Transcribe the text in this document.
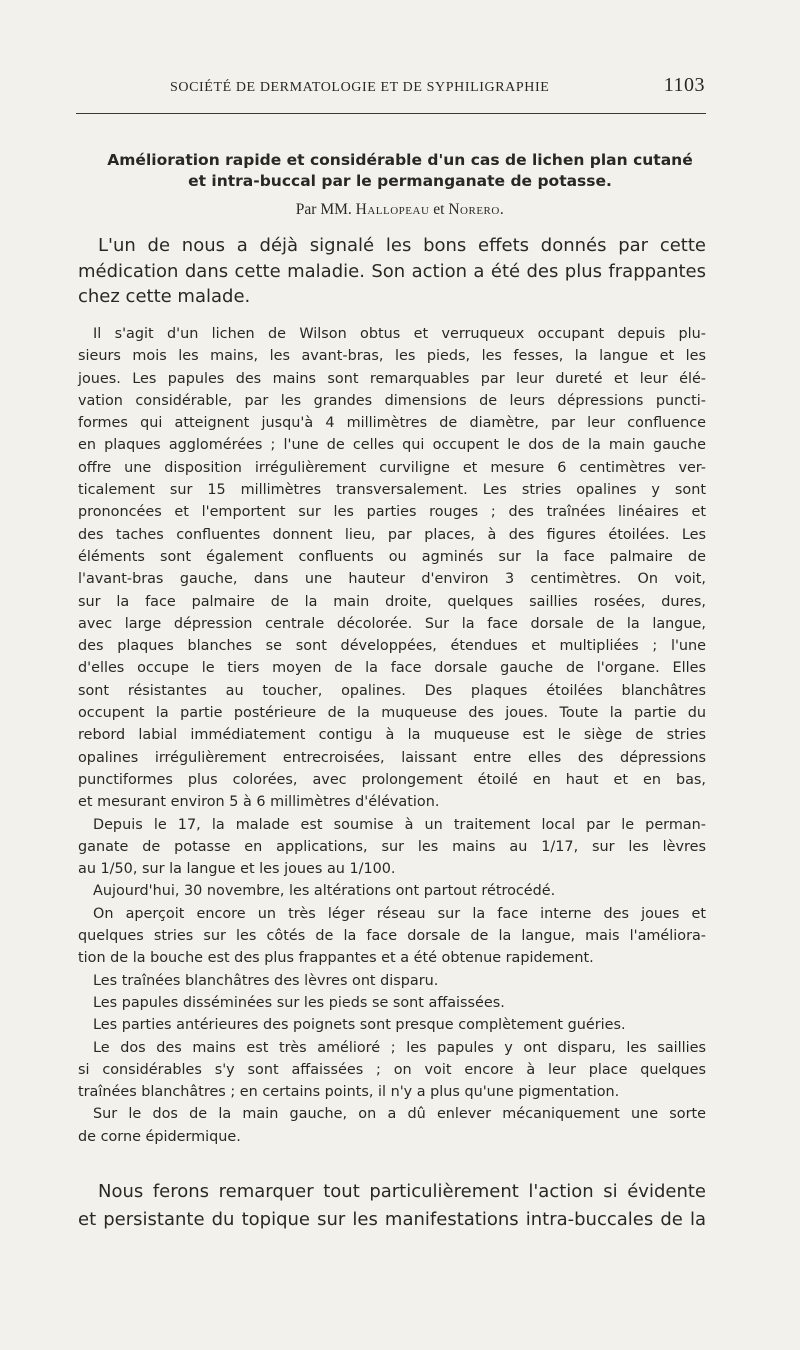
SOCIÉTÉ DE DERMATOLOGIE ET DE SYPHILIGRAPHIE	1103
Amélioration rapide et considérable d'un cas de lichen plan cutané
et intra-buccal par le permanganate de potasse.
Par MM. Hallopeau et Norero.
L'un de nous a déjà signalé les bons effets donnés par cette
médication dans cette maladie. Son action a été des plus frappantes
chez cette malade.
Il s'agit d'un lichen de Wilson obtus et verruqueux occupant depuis plu-
sieurs mois les mains, les avant-bras, les pieds, les fesses, la langue et les
joues. Les papules des mains sont remarquables par leur dureté et leur élé-
vation considérable, par les grandes dimensions de leurs dépressions puncti-
formes qui atteignent jusqu'à 4 millimètres de diamètre, par leur confluence
en plaques agglomérées ; l'une de celles qui occupent le dos de la main gauche
offre une disposition irrégulièrement curviligne et mesure 6 centimètres ver-
ticalement sur 15 millimètres transversalement. Les stries opalines y sont
prononcées et l'emportent sur les parties rouges ; des traînées linéaires et
des taches confluentes donnent lieu, par places, à des figures étoilées. Les
éléments sont également confluents ou agminés sur la face palmaire de
l'avant-bras gauche, dans une hauteur d'environ 3 centimètres. On voit,
sur la face palmaire de la main droite, quelques saillies rosées, dures,
avec large dépression centrale décolorée. Sur la face dorsale de la langue,
des plaques blanches se sont développées, étendues et multipliées ; l'une
d'elles occupe le tiers moyen de la face dorsale gauche de l'organe. Elles
sont résistantes au toucher, opalines. Des plaques étoilées blanchâtres
occupent la partie postérieure de la muqueuse des joues. Toute la partie du
rebord labial immédiatement contigu à la muqueuse est le siège de stries
opalines irrégulièrement entrecroisées, laissant entre elles des dépressions
punctiformes plus colorées, avec prolongement étoilé en haut et en bas,
et mesurant environ 5 à 6 millimètres d'élévation.
Depuis le 17, la malade est soumise à un traitement local par le perman-
ganate de potasse en applications, sur les mains au 1/17, sur les lèvres
au 1/50, sur la langue et les joues au 1/100.
Aujourd'hui, 30 novembre, les altérations ont partout rétrocédé.
On aperçoit encore un très léger réseau sur la face interne des joues et
quelques stries sur les côtés de la face dorsale de la langue, mais l'améliora-
tion de la bouche est des plus frappantes et a été obtenue rapidement.
Les traînées blanchâtres des lèvres ont disparu.
Les papules disséminées sur les pieds se sont affaissées.
Les parties antérieures des poignets sont presque complètement guéries.
Le dos des mains est très amélioré ; les papules y ont disparu, les saillies
si considérables s'y sont affaissées ; on voit encore à leur place quelques
traînées blanchâtres ; en certains points, il n'y a plus qu'une pigmentation.
Sur le dos de la main gauche, on a dû enlever mécaniquement une sorte
de corne épidermique.
Nous ferons remarquer tout particulièrement l'action si évidente
et persistante du topique sur les manifestations intra-buccales de la
